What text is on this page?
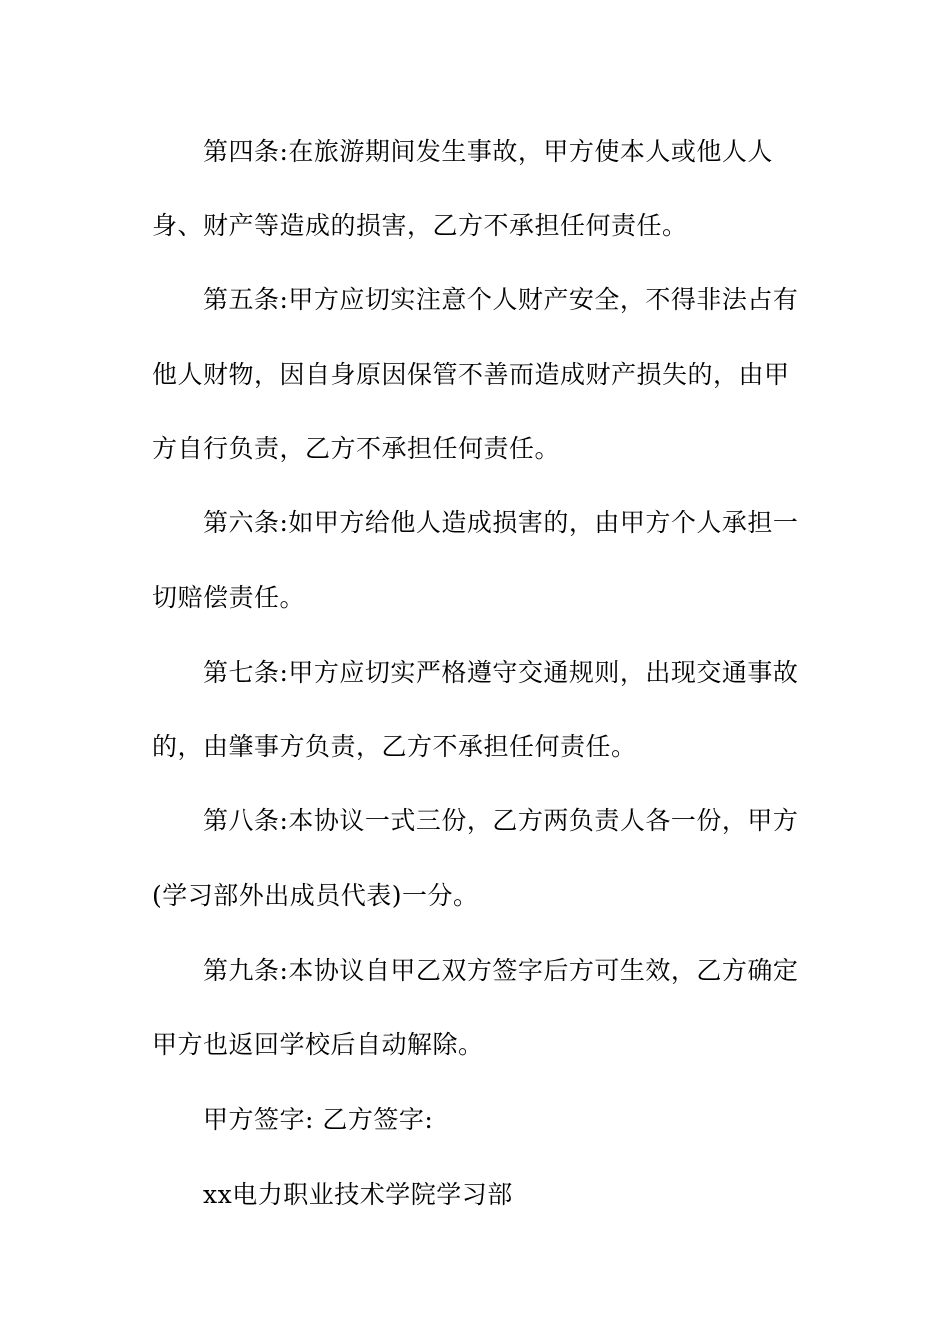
第四条:在旅游期间发生事故，甲方使本人或他人人
身、财产等造成的损害，乙方不承担任何责任。
第五条:甲方应切实注意个人财产安全，不得非法占有
他人财物，因自身原因保管不善而造成财产损失的，由甲
方自行负责，乙方不承担任何责任。
第六条:如甲方给他人造成损害的，由甲方个人承担一
切赔偿责任。
第七条:甲方应切实严格遵守交通规则，出现交通事故
的，由肇事方负责，乙方不承担任何责任。
第八条:本协议一式三份，乙方两负责人各一份，甲方
(学习部外出成员代表)一分。
第九条:本协议自甲乙双方签字后方可生效，乙方确定
甲方也返回学校后自动解除。
甲方签字: 乙方签字:
xx电力职业技术学院学习部
